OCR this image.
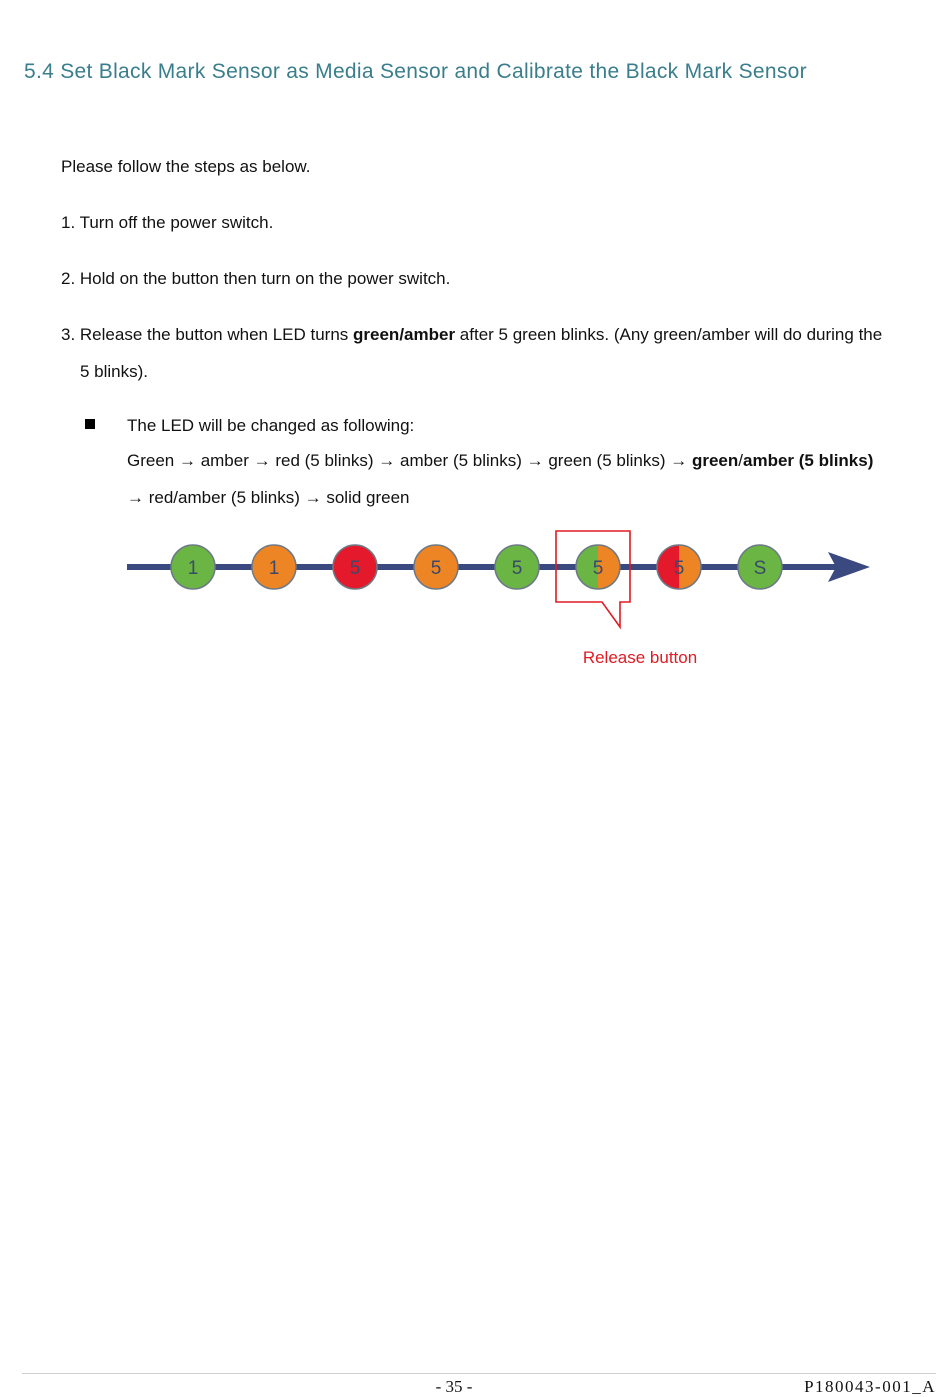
5.4 Set Black Mark Sensor as Media Sensor and Calibrate the Black Mark Sensor
Please follow the steps as below.
1. Turn off the power switch.
2. Hold on the button then turn on the power switch.
3. Release the button when LED turns green/amber after 5 green blinks. (Any green/amber will do during the
5 blinks).
The LED will be changed as following:
Green → amber → red (5 blinks) → amber (5 blinks) → green (5 blinks) → green/amber (5 blinks)
→ red/amber (5 blinks) → solid green
1	1	5	5	5	5	5	S
Release button
- 35 -	P180043-001_A
